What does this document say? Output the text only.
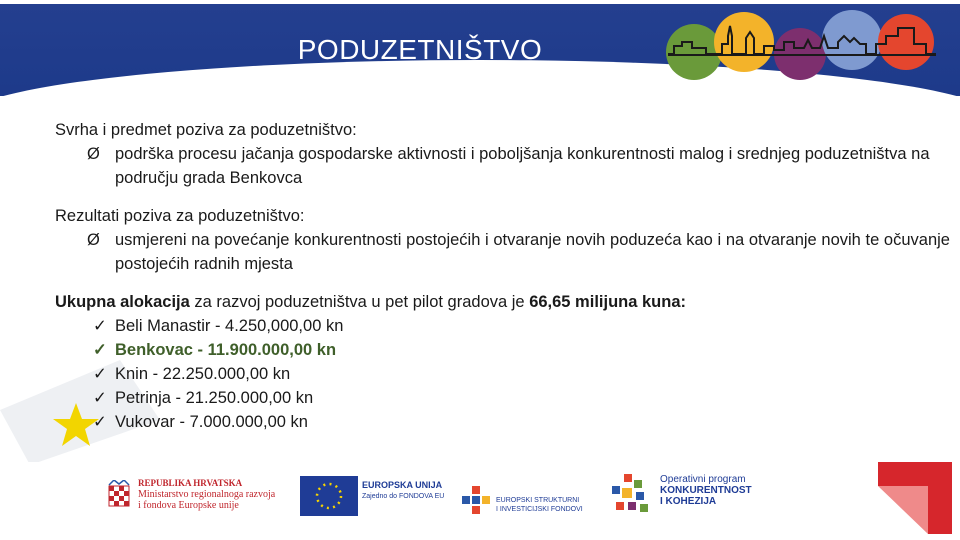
PODUZETNIŠTVO

Svrha i predmet poziva za poduzetništvo:

Ø podrška procesu jačanja gospodarske aktivnosti i poboljšanja konkurentnosti malog i srednjeg poduzetništva na području grada Benkovca

Rezultati poziva za poduzetništvo:

Ø usmjereni na povećanje konkurentnosti postojećih i otvaranje novih poduzeća kao i na otvaranje novih te očuvanje postojećih radnih mjesta

Ukupna alokacija za razvoj poduzetništva u pet pilot gradova je 66,65 milijuna kuna:

✓ Beli Manastir - 4.250,000,00 kn
✓ Benkovac - 11.900.000,00 kn
✓ Knin - 22.250.000,00 kn
✓ Petrinja - 21.250.000,00 kn
✓ Vukovar - 7.000.000,00 kn
REPUBLIKA HRVATSKA
Ministarstvo regionalnoga razvoja
i fondova Europske unije
EUROPSKA UNIJA
Zajedno do FONDOVA EU
EUROPSKI STRUKTURNI
I INVESTICIJSKI FONDOVI
Operativni program
KONKURENTNOST
I KOHEZIJA
